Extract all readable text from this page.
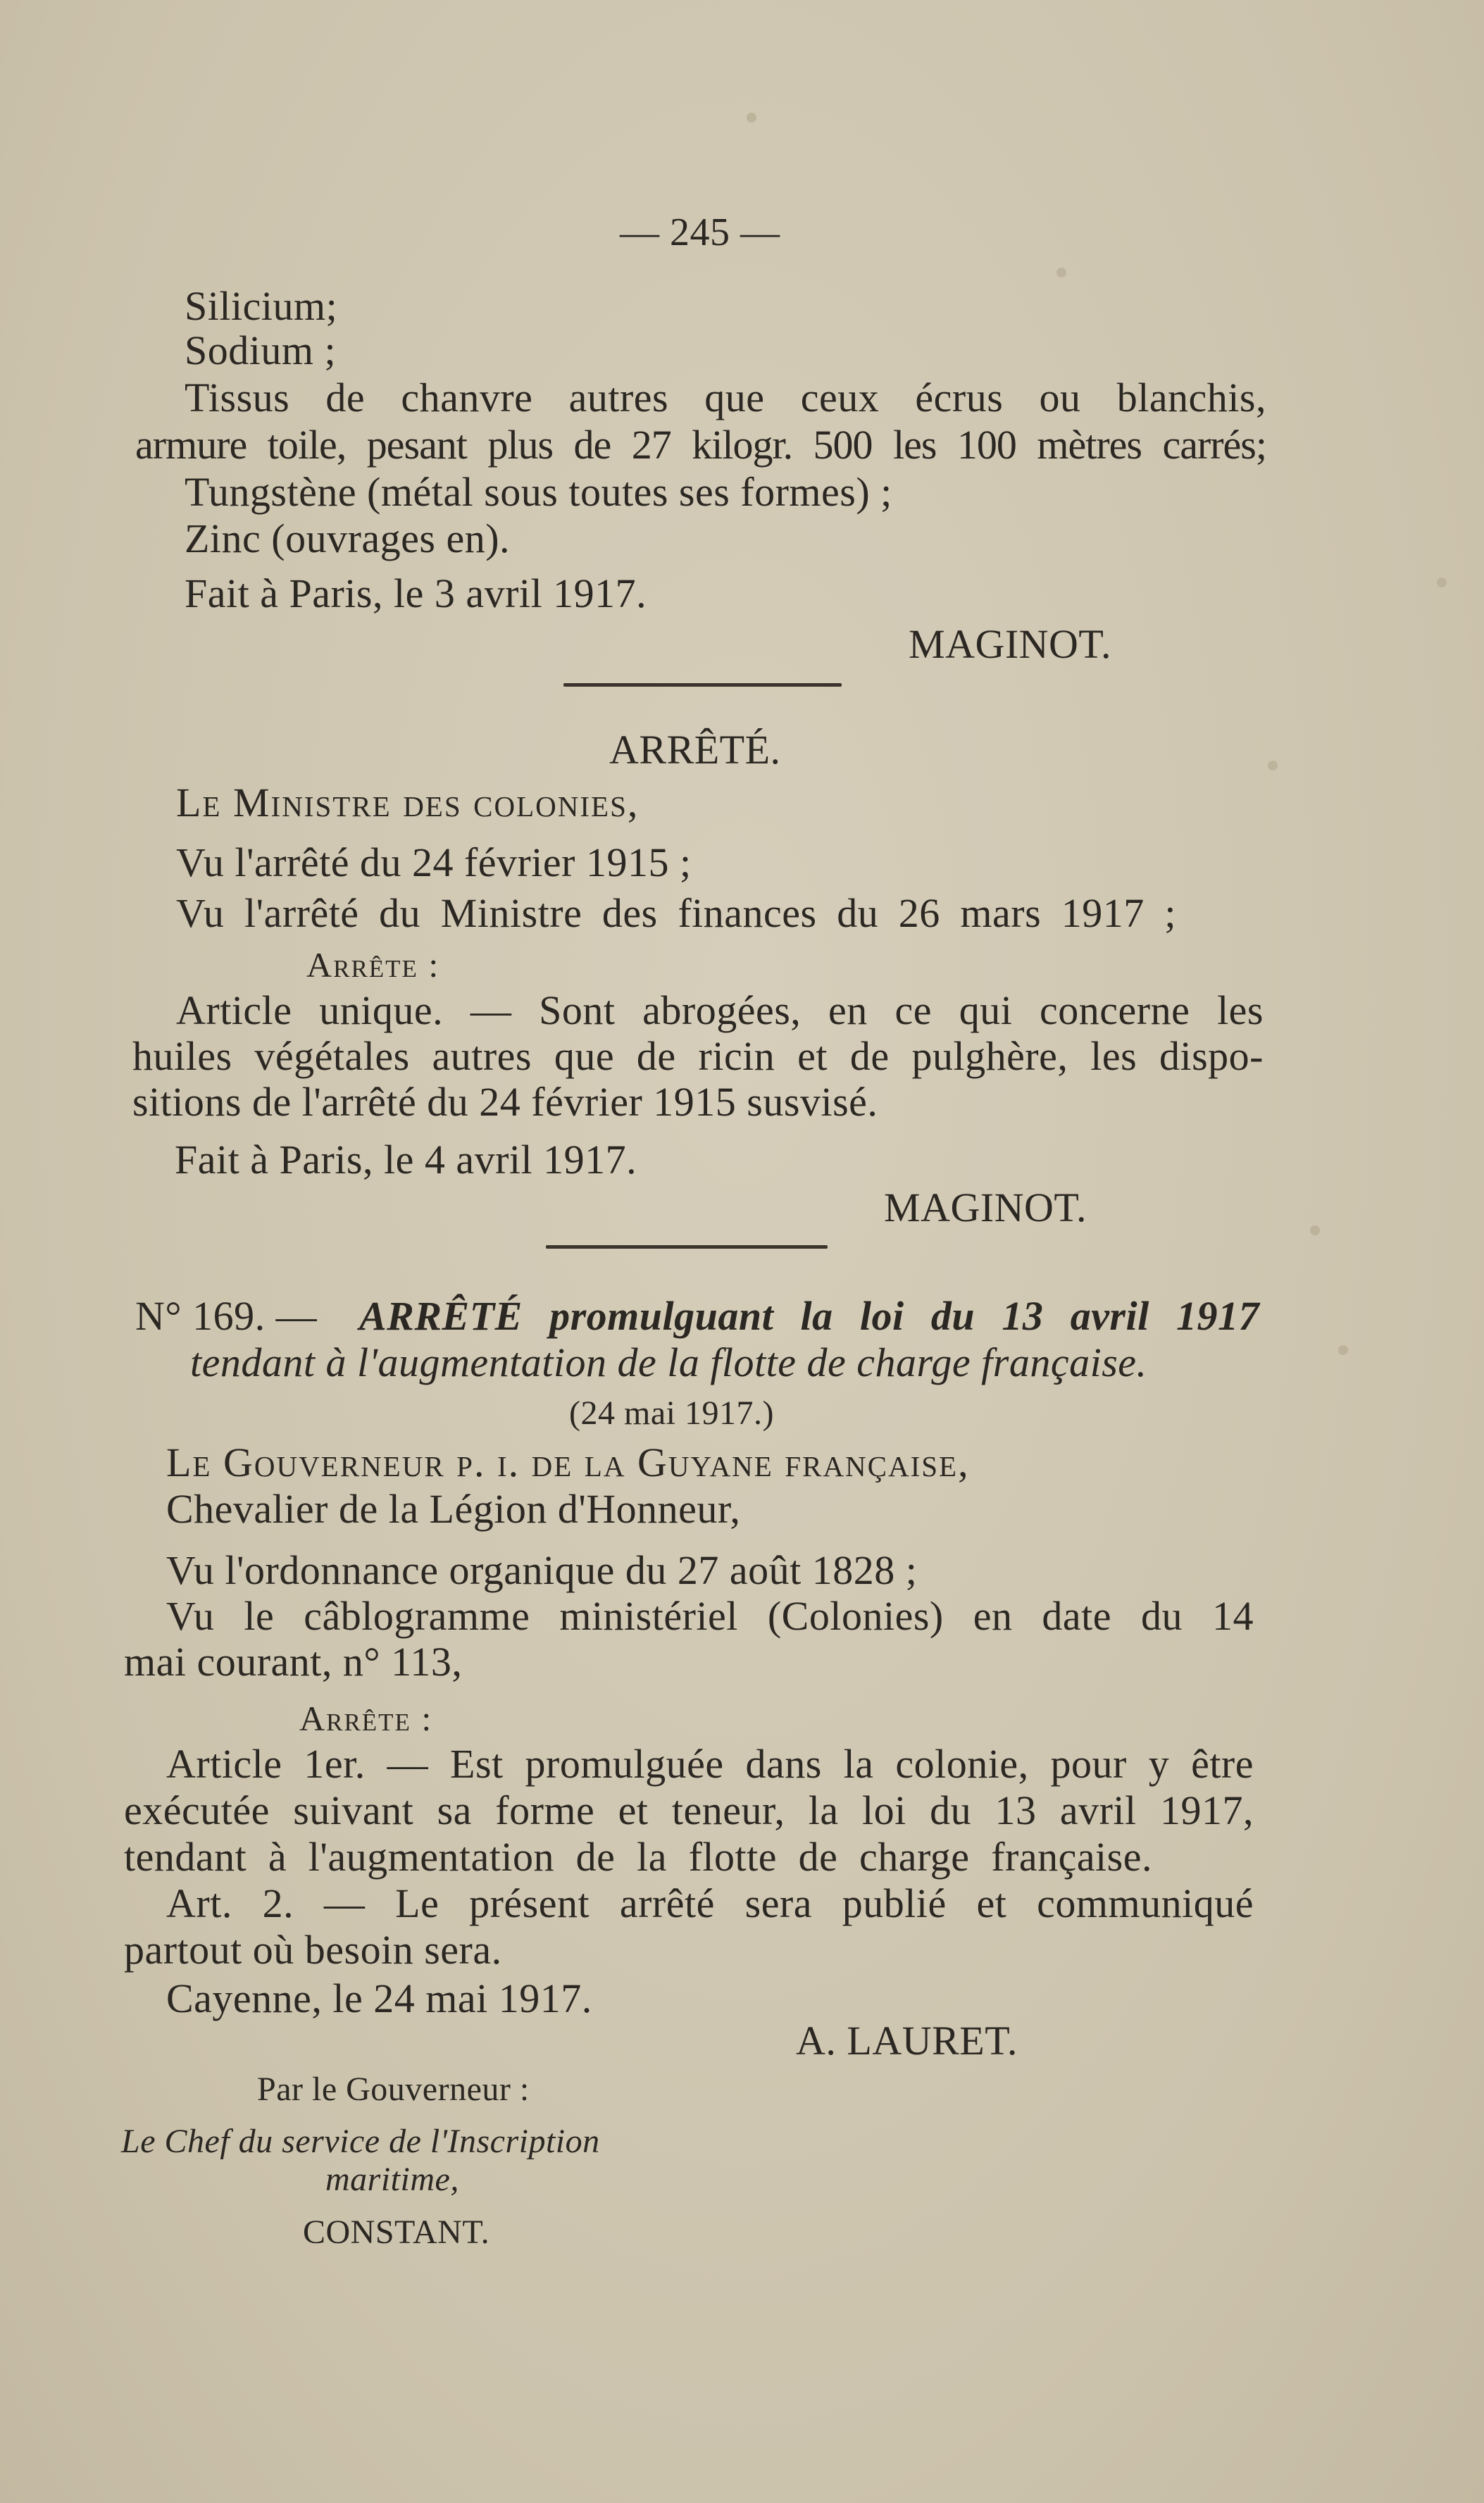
— 245 —
Silicium;
Sodium ;
Tissus de chanvre autres que ceux écrus ou blanchis,
armure toile, pesant plus de 27 kilogr. 500 les 100 mètres carrés;
Tungstène (métal sous toutes ses formes) ;
Zinc (ouvrages en).
Fait à Paris, le 3 avril 1917.
MAGINOT.
ARRÊTÉ.
Le Ministre des colonies,
Vu l'arrêté du 24 février 1915 ;
Vu l'arrêté du Ministre des finances du 26 mars 1917 ;
Arrête :
Article unique. — Sont abrogées, en ce qui concerne les
huiles végétales autres que de ricin et de pulghère, les dispo-
sitions de l'arrêté du 24 février 1915 susvisé.
Fait à Paris, le 4 avril 1917.
MAGINOT.
N° 169. — ARRÊTÉ promulguant la loi du 13 avril 1917
tendant à l'augmentation de la flotte de charge française.
(24 mai 1917.)
Le Gouverneur p. i. de la Guyane française,
Chevalier de la Légion d'Honneur,
Vu l'ordonnance organique du 27 août 1828 ;
Vu le câblogramme ministériel (Colonies) en date du 14
mai courant, n° 113,
Arrête :
Article 1er. — Est promulguée dans la colonie, pour y être
exécutée suivant sa forme et teneur, la loi du 13 avril 1917,
tendant à l'augmentation de la flotte de charge française.
Art. 2. — Le présent arrêté sera publié et communiqué
partout où besoin sera.
Cayenne, le 24 mai 1917.
A. LAURET.
Par le Gouverneur :
Le Chef du service de l'Inscription
maritime,
CONSTANT.
